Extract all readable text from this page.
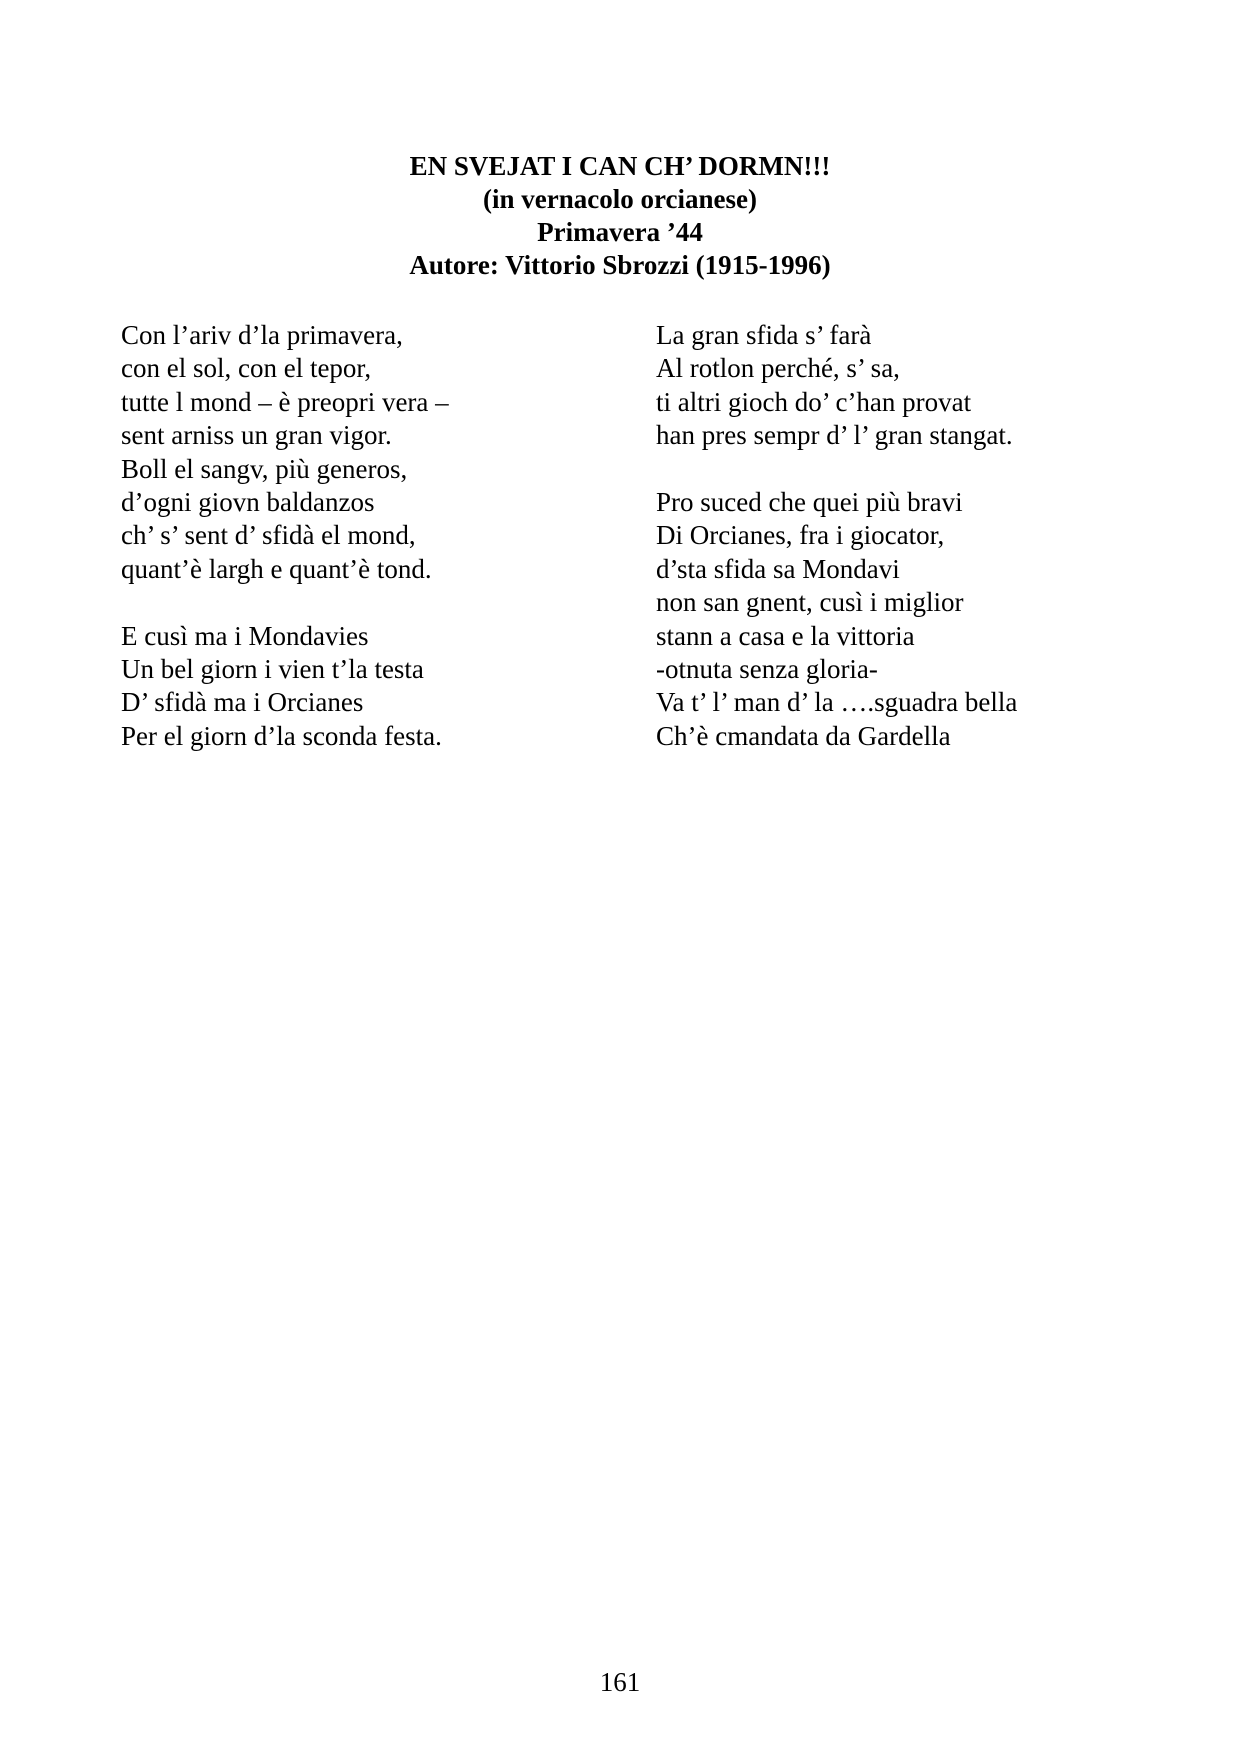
EN SVEJAT I CAN CH’ DORMN!!!
(in vernacolo orcianese)
Primavera ’44
Autore: Vittorio Sbrozzi (1915-1996)
Con l’ariv d’la primavera,
con el sol, con el tepor,
tutte l mond – è preopri vera –
sent arniss un gran vigor.
Boll el sangv, più generos,
d’ogni giovn baldanzos
ch’ s’ sent d’ sfidà el mond,
quant’è largh e quant’è tond.
E cusì ma i Mondavies
Un bel giorn i vien t’la testa
D’ sfidà ma i Orcianes
Per el giorn d’la sconda festa.
La gran sfida s’ farà
Al rotlon perché, s’ sa,
ti altri gioch do’ c’han provat
han pres sempr d’ l’ gran stangat.
Pro suced che quei più bravi
Di Orcianes, fra i giocator,
d’sta sfida sa Mondavi
non san gnent, cusì i miglior
stann a casa e la vittoria
-otnuta senza gloria-
Va t’ l’ man d’ la ….sguadra bella
Ch’è cmandata da Gardella
161
